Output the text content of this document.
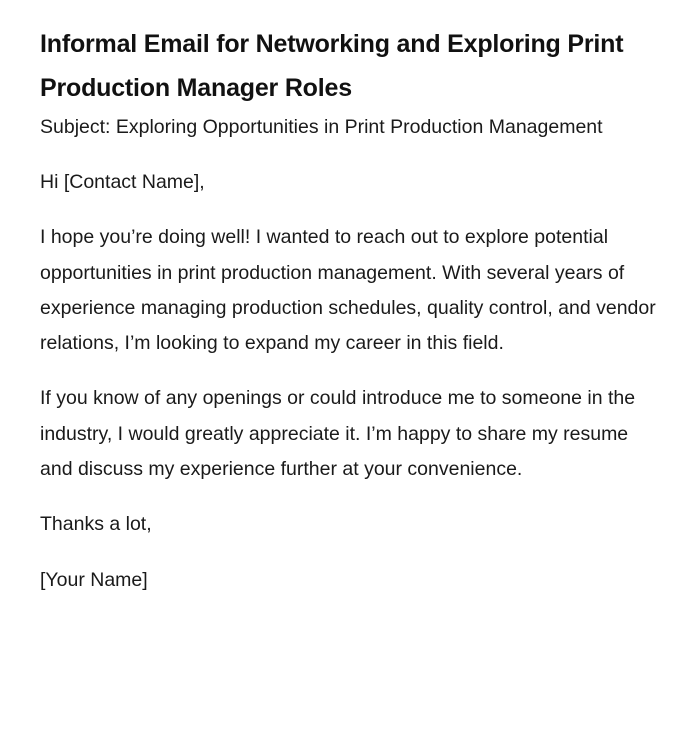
Informal Email for Networking and Exploring Print Production Manager Roles

Subject: Exploring Opportunities in Print Production Management

Hi [Contact Name],

I hope you’re doing well! I wanted to reach out to explore potential opportunities in print production management. With several years of experience managing production schedules, quality control, and vendor relations, I’m looking to expand my career in this field.

If you know of any openings or could introduce me to someone in the industry, I would greatly appreciate it. I’m happy to share my resume and discuss my experience further at your convenience.

Thanks a lot,

[Your Name]
